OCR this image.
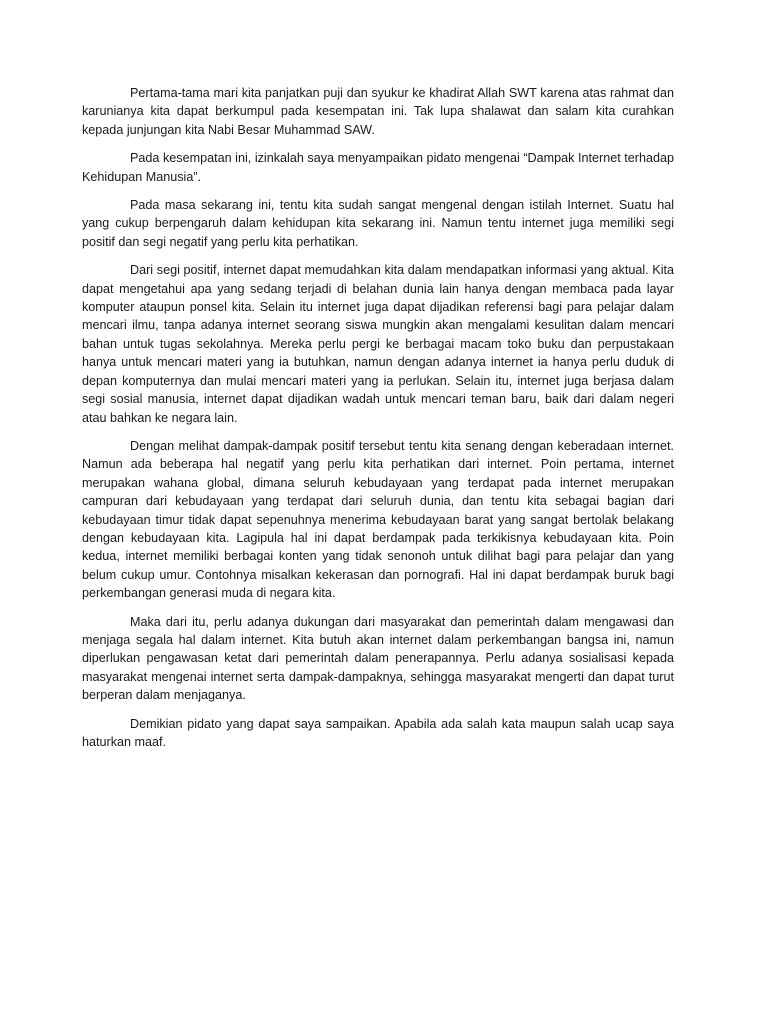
Pertama-tama mari kita panjatkan puji dan syukur ke khadirat Allah SWT karena atas rahmat dan karunianya kita dapat berkumpul pada kesempatan ini. Tak lupa shalawat dan salam kita curahkan kepada junjungan kita Nabi Besar Muhammad SAW.

Pada kesempatan ini, izinkalah saya menyampaikan pidato mengenai “Dampak Internet terhadap Kehidupan Manusia”.

Pada masa sekarang ini, tentu kita sudah sangat mengenal dengan istilah Internet. Suatu hal yang cukup berpengaruh dalam kehidupan kita sekarang ini. Namun tentu internet juga memiliki segi positif dan segi negatif yang perlu kita perhatikan.

Dari segi positif, internet dapat memudahkan kita dalam mendapatkan informasi yang aktual. Kita dapat mengetahui apa yang sedang terjadi di belahan dunia lain hanya dengan membaca pada layar komputer ataupun ponsel kita. Selain itu internet juga dapat dijadikan referensi bagi para pelajar dalam mencari ilmu, tanpa adanya internet seorang siswa mungkin akan mengalami kesulitan dalam mencari bahan untuk tugas sekolahnya. Mereka perlu pergi ke berbagai macam toko buku dan perpustakaan hanya untuk mencari materi yang ia butuhkan, namun dengan adanya internet ia hanya perlu duduk di depan komputernya dan mulai mencari materi yang ia perlukan. Selain itu, internet juga berjasa dalam segi sosial manusia, internet dapat dijadikan wadah untuk mencari teman baru, baik dari dalam negeri atau bahkan ke negara lain.

Dengan melihat dampak-dampak positif tersebut tentu kita senang dengan keberadaan internet. Namun ada beberapa hal negatif yang perlu kita perhatikan dari internet. Poin pertama, internet merupakan wahana global, dimana seluruh kebudayaan yang terdapat pada internet merupakan campuran dari kebudayaan yang terdapat dari seluruh dunia, dan tentu kita sebagai bagian dari kebudayaan timur tidak dapat sepenuhnya menerima kebudayaan barat yang sangat bertolak belakang dengan kebudayaan kita. Lagipula hal ini dapat berdampak pada terkikisnya kebudayaan kita. Poin kedua, internet memiliki berbagai konten yang tidak senonoh untuk dilihat bagi para pelajar dan yang belum cukup umur. Contohnya misalkan kekerasan dan pornografi. Hal ini dapat berdampak buruk bagi perkembangan generasi muda di negara kita.

Maka dari itu, perlu adanya dukungan dari masyarakat dan pemerintah dalam mengawasi dan menjaga segala hal dalam internet. Kita butuh akan internet dalam perkembangan bangsa ini, namun diperlukan pengawasan ketat dari pemerintah dalam penerapannya. Perlu adanya sosialisasi kepada masyarakat mengenai internet serta dampak-dampaknya, sehingga masyarakat mengerti dan dapat turut berperan dalam menjaganya.

Demikian pidato yang dapat saya sampaikan. Apabila ada salah kata maupun salah ucap saya haturkan maaf.
